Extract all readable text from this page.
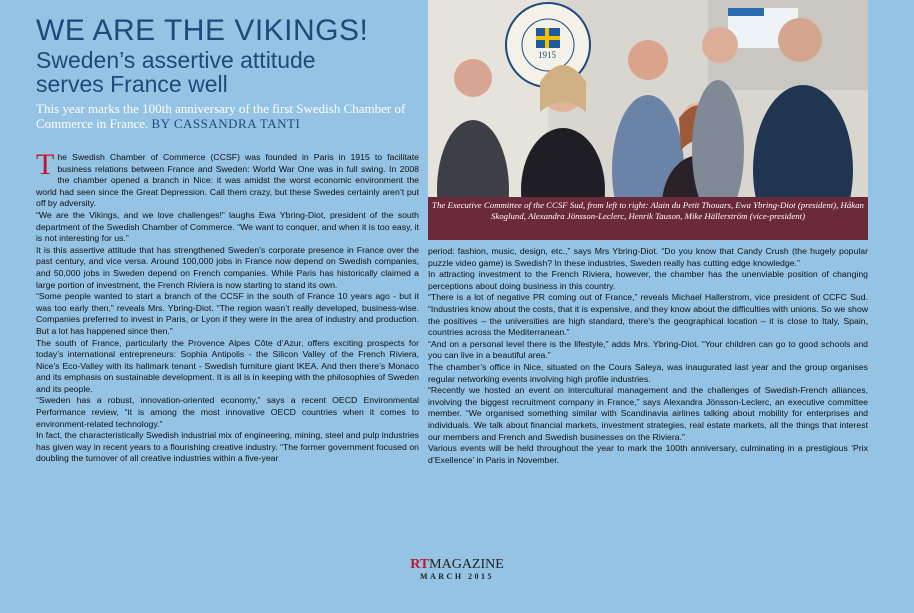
WE ARE THE VIKINGS!
Sweden’s assertive attitude
serves France well
This year marks the 100th anniversary of the first Swedish Chamber of Commerce in France. BY CASSANDRA TANTI

The Swedish Chamber of Commerce (CCSF) was founded in Paris in 1915 to facilitate business relations between France and Sweden: World War One was in full swing. In 2008 the chamber opened a branch in Nice: it was amidst the worst economic environment the world had seen since the Great Depression. Call them crazy, but these Swedes certainly aren’t put off by adversity.

“We are the Vikings, and we love challenges!” laughs Ewa Ybring-Diot, president of the south department of the Swedish Chamber of Commerce. “We want to conquer, and when it is too easy, it is not interesting for us.”

It is this assertive attitude that has strengthened Sweden’s corporate presence in France over the past century, and vice versa. Around 100,000 jobs in France now depend on Swedish companies, and 50,000 jobs in Sweden depend on French companies. While Paris has historically claimed a large portion of investment, the French Riviera is now starting to stand its own.

“Some people wanted to start a branch of the CCSF in the south of France 10 years ago - but it was too early then,” reveals Mrs. Ybring-Diot. “The region wasn’t really developed, business-wise. Companies preferred to invest in Paris, or Lyon if they were in the area of industry and production. But a lot has happened since then.”

The south of France, particularly the Provence Alpes Côte d’Azur, offers exciting prospects for today’s international entrepreneurs: Sophia Antipolis - the Silicon Valley of the French Riviera, Nice’s Eco-Valley with its hallmark tenant - Swedish furniture giant IKEA. And then there’s Monaco and its emphasis on sustainable development. It is all is in keeping with the philosophies of Sweden and its people.

“Sweden has a robust, innovation-oriented economy,” says a recent OECD Environmental Performance review, “it is among the most innovative OECD countries when it comes to environment-related technology.”

In fact, the characteristically Swedish industrial mix of engineering, mining, steel and pulp industries has given way in recent years to a flourishing creative industry. “The former government focused on doubling the turnover of all creative industries within a five-year

1915
The Executive Committee of the CCSF Sud, from left to right: Alain du Petit Thouars, Ewa Ybring-Diot (president), Håkan Skoglund, Alexandra Jönsson-Leclerc, Henrik Tauson, Mike Hällerström (vice-president)

period: fashion, music, design, etc.,” says Mrs Ybring-Diot. “Do you know that Candy Crush (the hugely popular puzzle video game) is Swedish? In these industries, Sweden really has cutting edge knowledge.”

In attracting investment to the French Riviera, however, the chamber has the unenviable position of changing perceptions about doing business in this country.

“There is a lot of negative PR coming out of France,” reveals Michael Hallerstrom, vice president of CCFC Sud. “Industries know about the costs, that it is expensive, and they know about the difficulties with unions. So we show the positives – the universities are high standard, there’s the geographical location – it is close to Italy, Spain, countries across the Mediterranean.”

“And on a personal level there is the lifestyle,” adds Mrs. Ybring-Diot. “Your children can go to good schools and you can live in a beautiful area.”

The chamber’s office in Nice, situated on the Cours Saleya, was inaugurated last year and the group organises regular networking events involving high profile industries.

“Recently we hosted an event on intercultural management and the challenges of Swedish-French alliances, involving the biggest recruitment company in France,” says Alexandra Jönsson-Leclerc, an executive committee member. “We organised something similar with Scandinavia airlines talking about mobility for enterprises and individuals. We talk about financial markets, investment strategies, real estate markets, all the things that interest our members and French and Swedish businesses on the Riviera.”

Various events will be held throughout the year to mark the 100th anniversary, culminating in a prestigious ‘Prix d’Exellence’ in Paris in November.

RTMAGAZINE
MARCH 2015
